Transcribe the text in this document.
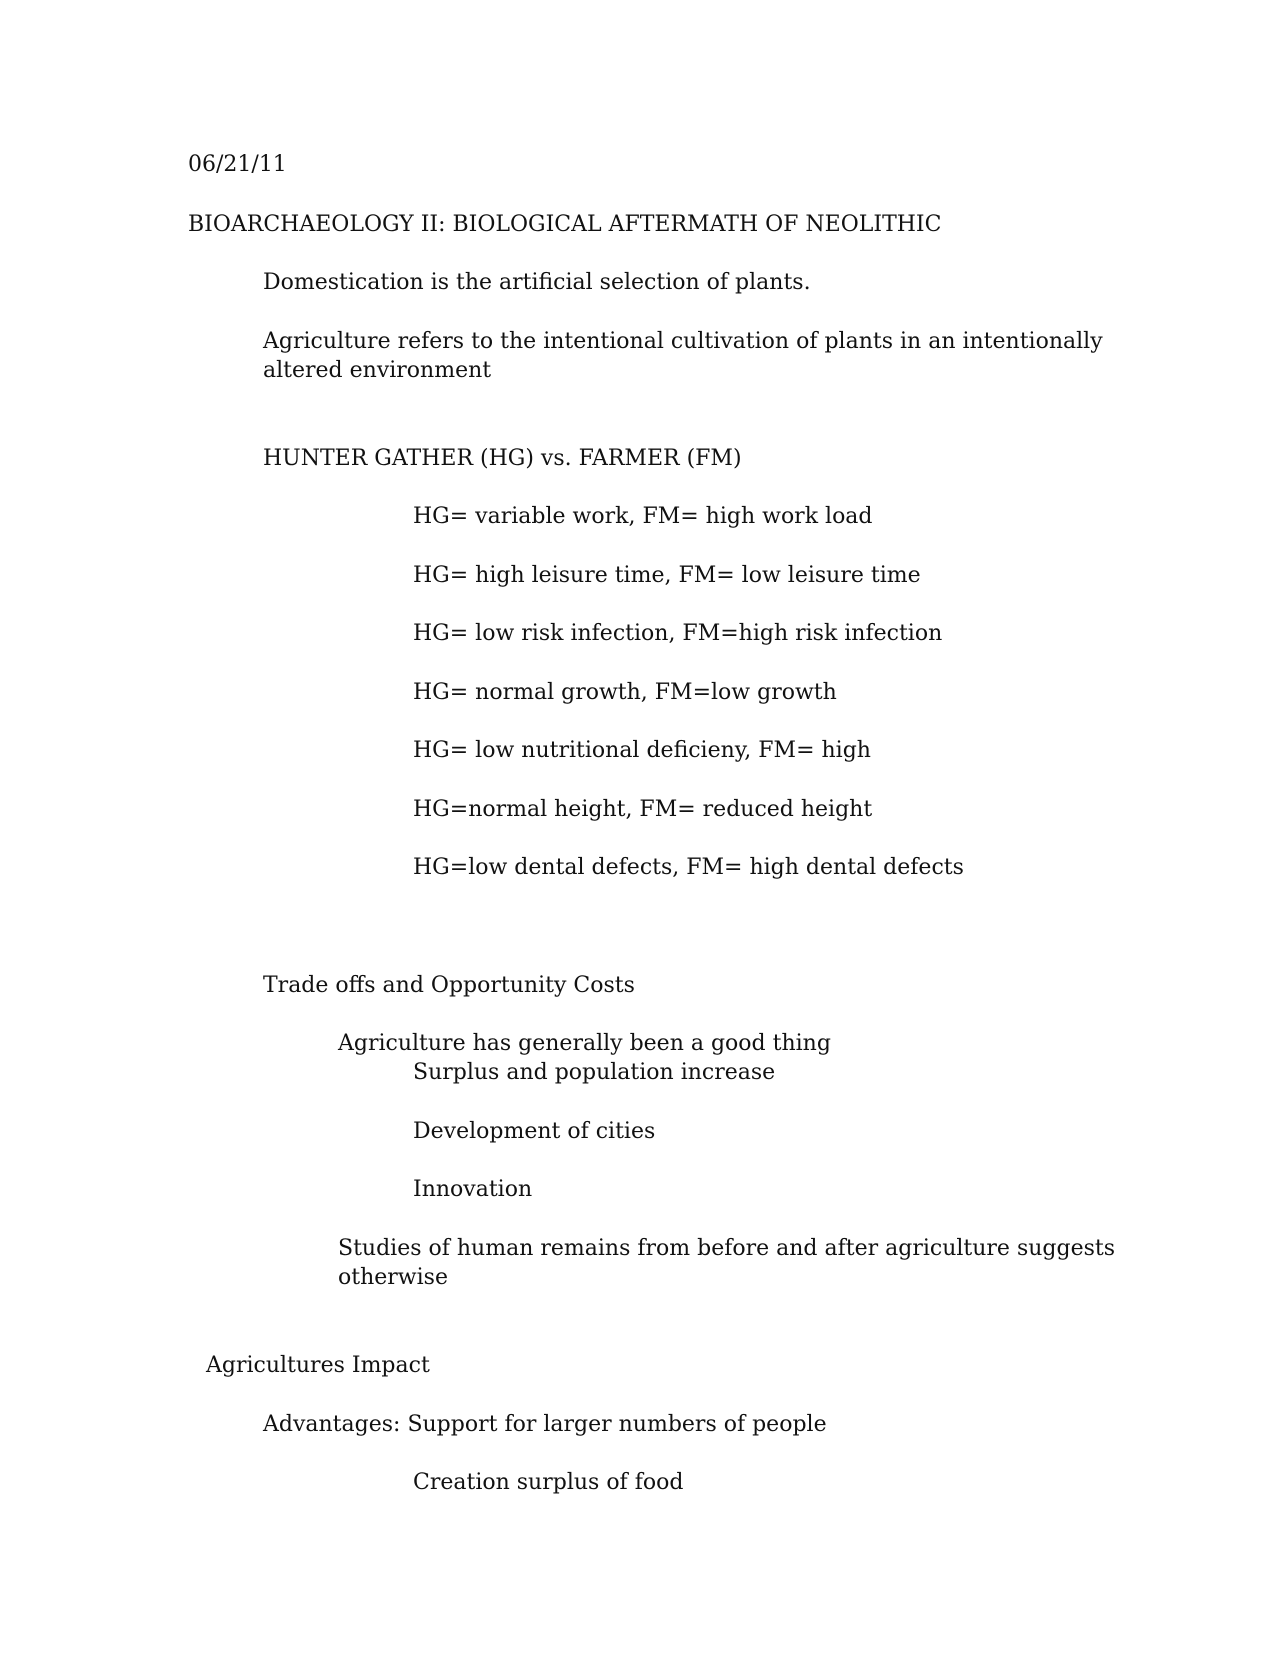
06/21/11
BIOARCHAEOLOGY II: BIOLOGICAL AFTERMATH OF NEOLITHIC
Domestication is the artificial selection of plants.
Agriculture refers to the intentional cultivation of plants in an intentionally
altered environment
HUNTER GATHER (HG) vs. FARMER (FM)
HG= variable work, FM= high work load
HG= high leisure time, FM= low leisure time
HG= low risk infection, FM=high risk infection
HG= normal growth, FM=low growth
HG= low nutritional deficieny, FM= high
HG=normal height, FM= reduced height
HG=low dental defects, FM= high dental defects
Trade offs and Opportunity Costs
Agriculture has generally been a good thing
Surplus and population increase
Development of cities
Innovation
Studies of human remains from before and after agriculture suggests
otherwise
Agricultures Impact
Advantages: Support for larger numbers of people
Creation surplus of food
